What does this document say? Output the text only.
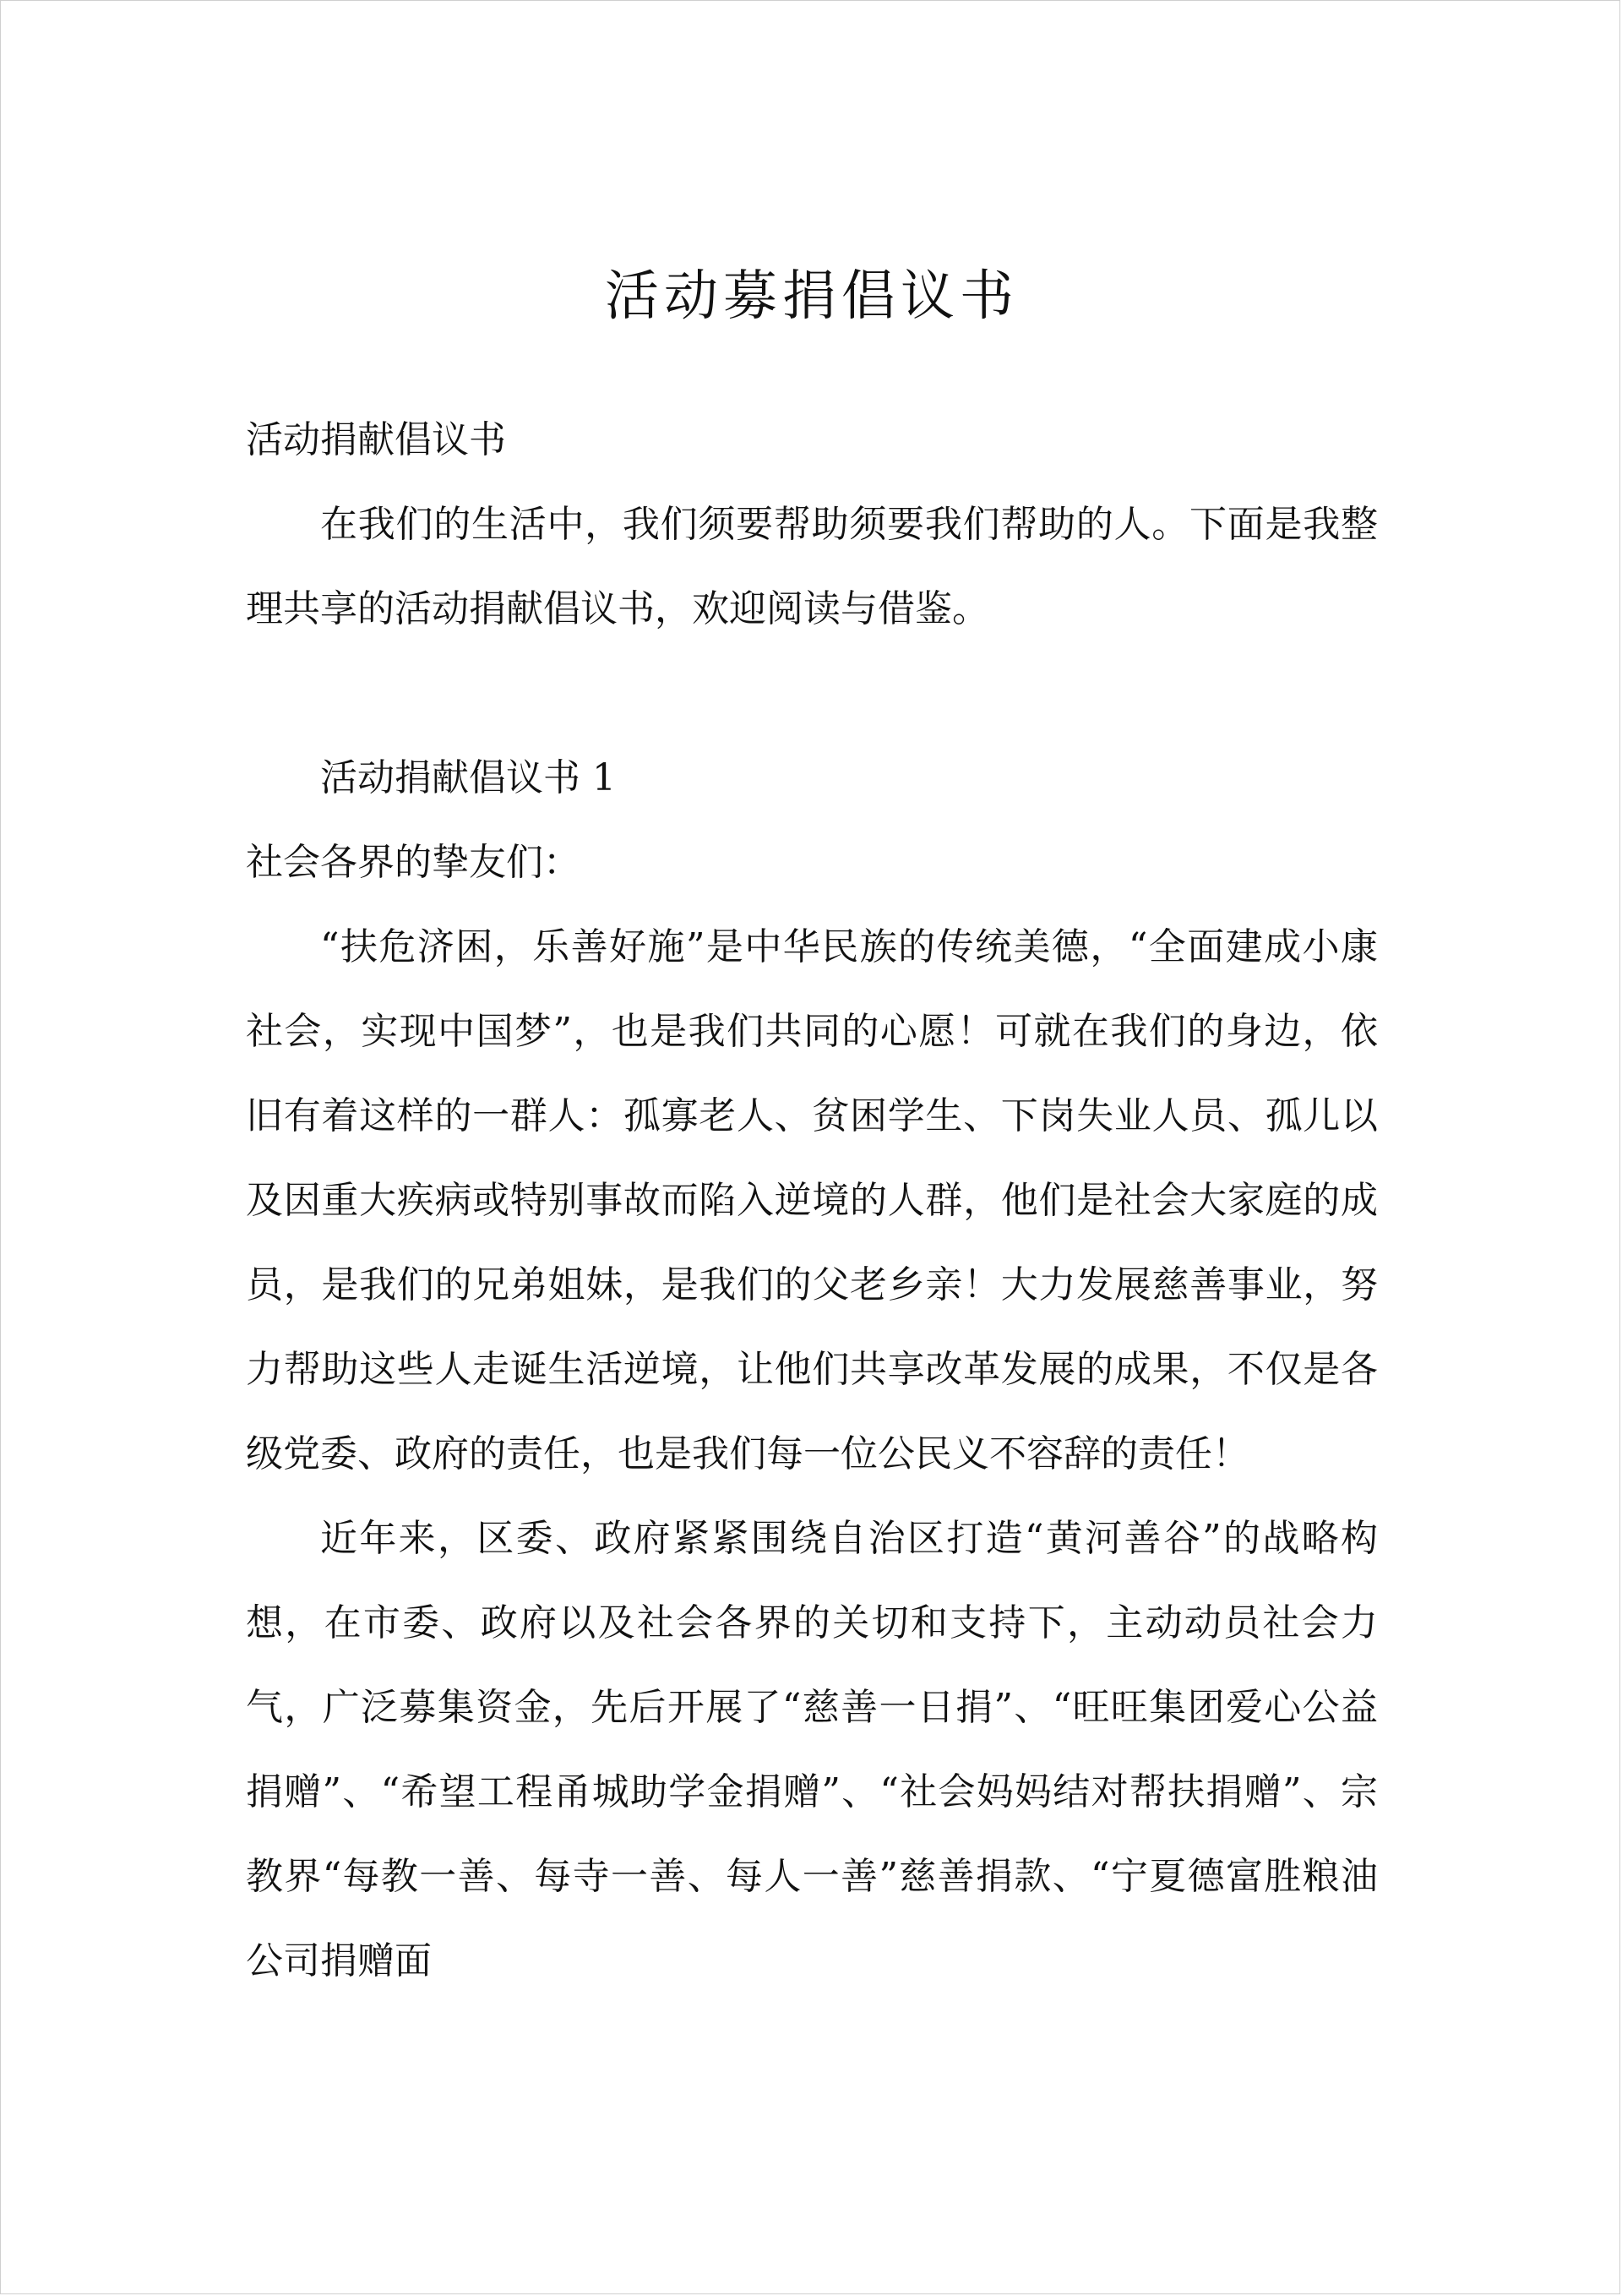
活动募捐倡议书

活动捐献倡议书

在我们的生活中，我们须要帮助须要我们帮助的人。下面是我整理共享的活动捐献倡议书，欢迎阅读与借鉴。

活动捐献倡议书 1

社会各界的挚友们：

“扶危济困，乐善好施”是中华民族的传统美德，“全面建成小康社会，实现中国梦”，也是我们共同的心愿！可就在我们的身边，依旧有着这样的一群人：孤寡老人、贫困学生、下岗失业人员、孤儿以及因重大疾病或特别事故而陷入逆境的人群，他们是社会大家庭的成员，是我们的兄弟姐妹，是我们的父老乡亲！大力发展慈善事业，努力帮助这些人走诞生活逆境，让他们共享改革发展的成果，不仅是各级党委、政府的责任，也是我们每一位公民义不容辞的责任！

近年来，区委、政府紧紧围绕自治区打造“黄河善谷”的战略构想，在市委、政府以及社会各界的关切和支持下，主动动员社会力气，广泛募集资金，先后开展了“慈善一日捐”、“旺旺集团爱心公益捐赠”、“希望工程甬城助学金捐赠”、“社会妈妈结对帮扶捐赠”、宗教界“每教一善、每寺一善、每人一善”慈善捐款、“宁夏德富胜粮油公司捐赠面
